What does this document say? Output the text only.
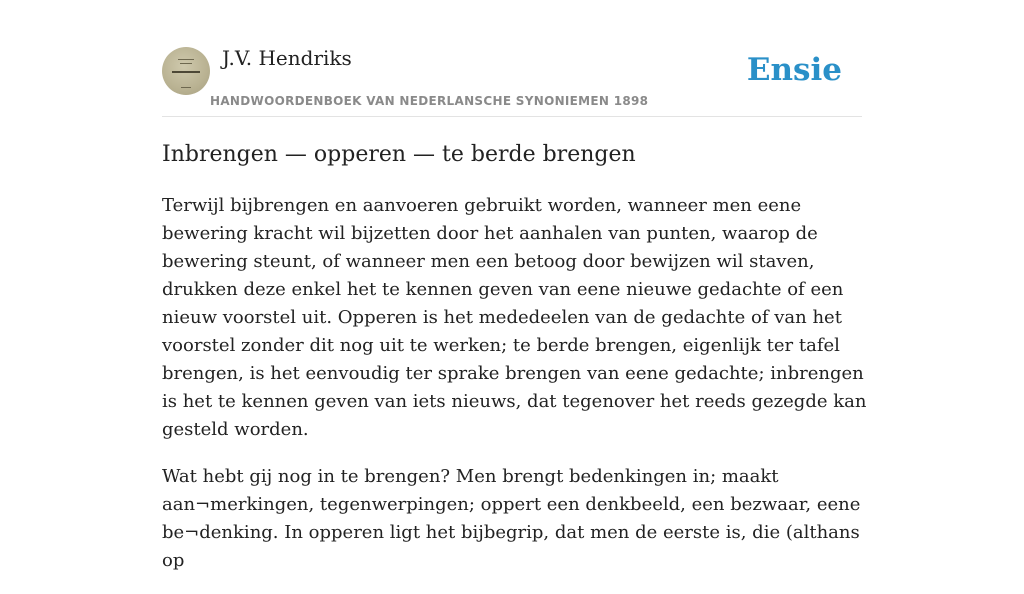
J.V. Hendriks
HANDWOORDENBOEK VAN NEDERLANSCHE SYNONIEMEN 1898
Ensie
Inbrengen — opperen — te berde brengen

Terwijl bijbrengen en aanvoeren gebruikt worden, wanneer men eene bewering kracht wil bijzetten door het aanhalen van punten, waarop de bewering steunt, of wanneer men een betoog door bewijzen wil staven, drukken deze enkel het te kennen geven van eene nieuwe gedachte of een nieuw voorstel uit. Opperen is het mededeelen van de gedachte of van het voorstel zonder dit nog uit te werken; te berde brengen, eigenlijk ter tafel brengen, is het eenvoudig ter sprake brengen van eene gedachte; inbrengen is het te kennen geven van iets nieuws, dat tegenover het reeds gezegde kan gesteld worden.

Wat hebt gij nog in te brengen? Men brengt bedenkingen in; maakt aan¬merkingen, tegenwerpingen; oppert een denkbeeld, een bezwaar, eene be¬denking. In opperen ligt het bijbegrip, dat men de eerste is, die (althans op
